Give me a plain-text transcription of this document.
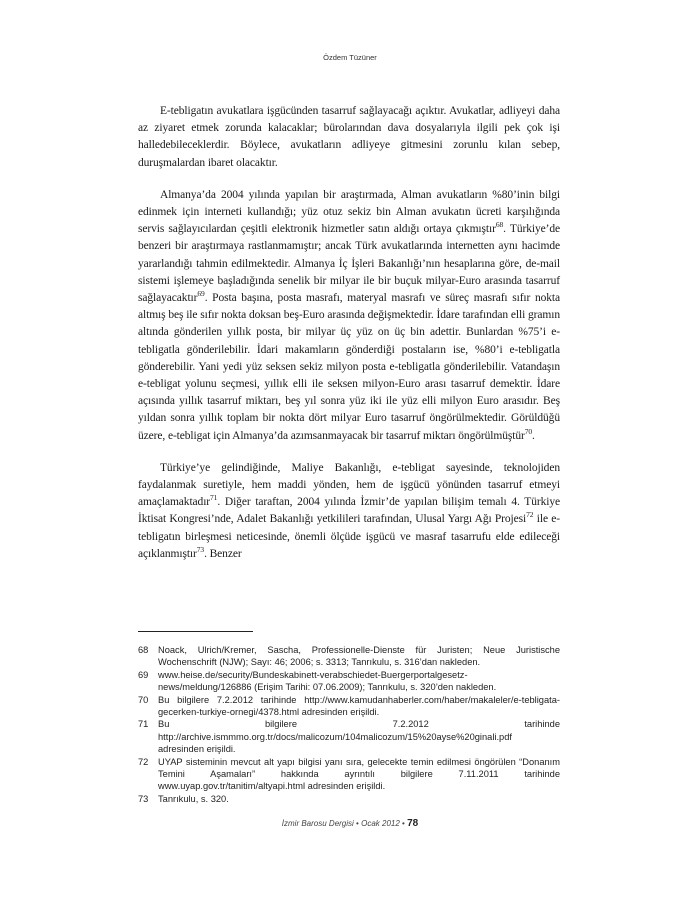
Özdem Tüzüner

E-tebligatın avukatlara işgücünden tasarruf sağlayacağı açıktır. Avukatlar, adliyeyi daha az ziyaret etmek zorunda kalacaklar; bürolarından dava dosyalarıyla ilgili pek çok işi halledebileceklerdir. Böylece, avukatların adliyeye gitmesini zorunlu kılan sebep, duruşmalardan ibaret olacaktır.

Almanya’da 2004 yılında yapılan bir araştırmada, Alman avukatların %80’inin bilgi edinmek için interneti kullandığı; yüz otuz sekiz bin Alman avukatın ücreti karşılığında servis sağlayıcılardan çeşitli elektronik hizmetler satın aldığı ortaya çıkmıştır$^{68}$. Türkiye’de benzeri bir araştırmaya rastlanmamıştır; ancak Türk avukatlarında internetten aynı hacimde yararlandığı tahmin edilmektedir. Almanya İç İşleri Bakanlığı’nın hesaplarına göre, de-mail sistemi işlemeye başladığında senelik bir milyar ile bir buçuk milyar-Euro arasında tasarruf sağlayacaktır$^{69}$. Posta başına, posta masrafı, materyal masrafı ve süreç masrafı sıfır nokta altmış beş ile sıfır nokta doksan beş-Euro arasında değişmektedir. İdare tarafından elli gramın altında gönderilen yıllık posta, bir milyar üç yüz on üç bin adettir. Bunlardan %75’i e-tebligatla gönderilebilir. İdari makamların gönderdiği postaların ise, %80’i e-tebligatla gönderebilir. Yani yedi yüz seksen sekiz milyon posta e-tebligatla gönderilebilir. Vatandaşın e-tebligat yolunu seçmesi, yıllık elli ile seksen milyon-Euro arası tasarruf demektir. İdare açısında yıllık tasarruf miktarı, beş yıl sonra yüz iki ile yüz elli milyon Euro arasıdır. Beş yıldan sonra yıllık toplam bir nokta dört milyar Euro tasarruf öngörülmektedir. Görüldüğü üzere, e-tebligat için Almanya’da azımsanmayacak bir tasarruf miktarı öngörülmüştür$^{70}$.

Türkiye’ye gelindiğinde, Maliye Bakanlığı, e-tebligat sayesinde, teknolojiden faydalanmak suretiyle, hem maddi yönden, hem de işgücü yönünden tasarruf etmeyi amaçlamaktadır$^{71}$. Diğer taraftan, 2004 yılında İzmir’de yapılan bilişim temalı 4. Türkiye İktisat Kongresi’nde, Adalet Bakanlığı yetkilileri tarafından, Ulusal Yargı Ağı Projesi$^{72}$ ile e-tebligatın birleşmesi neticesinde, önemli ölçüde işgücü ve masraf tasarrufu elde edileceği açıklanmıştır$^{73}$. Benzer

68	Noack, Ulrich/Kremer, Sascha, Professionelle-Dienste für Juristen; Neue Juristische Wochenschrift (NJW); Sayı: 46; 2006; s. 3313; Tanrıkulu, s. 316’dan nakleden.
69	www.heise.de/security/Bundeskabinett-verabschiedet-Buergerportalgesetz-news/meldung/126886 (Erişim Tarihi: 07.06.2009); Tanrıkulu, s. 320’den nakleden.
70	Bu bilgilere 7.2.2012 tarihinde http://www.kamudanhaberler.com/haber/makaleler/e-tebligata-gecerken-turkiye-ornegi/4378.html adresinden erişildi.
71	Bu bilgilere 7.2.2012 tarihinde http://archive.ismmmo.org.tr/docs/malicozum/104malicozum/15%20ayse%20ginali.pdf adresinden erişildi.
72	UYAP sisteminin mevcut alt yapı bilgisi yanı sıra, gelecekte temin edilmesi öngörülen “Donanım Temini Aşamaları” hakkında ayrıntılı bilgilere 7.11.2011 tarihinde www.uyap.gov.tr/tanitim/altyapi.html adresinden erişildi.
73	Tanrıkulu, s. 320.
İzmir Barosu Dergisi • Ocak 2012 • 78
